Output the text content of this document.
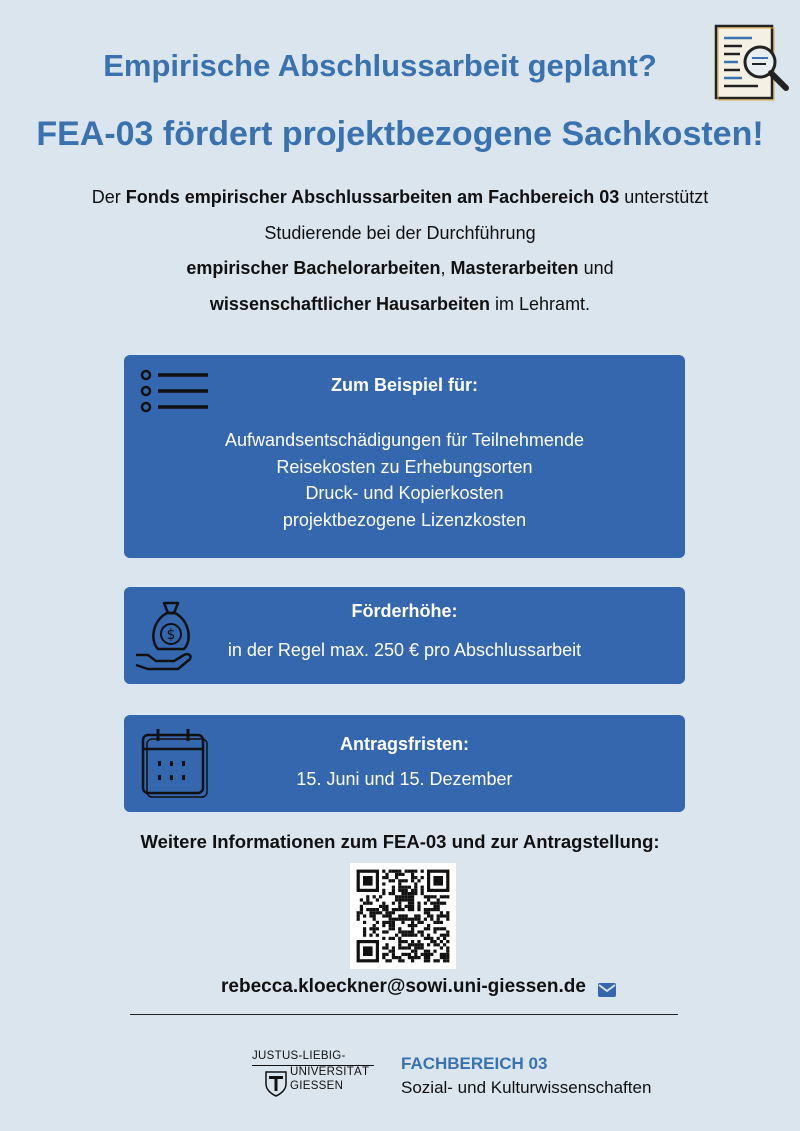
Empirische Abschlussarbeit geplant?
FEA-03 fördert projektbezogene Sachkosten!
Der Fonds empirischer Abschlussarbeiten am Fachbereich 03 unterstützt
Studierende bei der Durchführung
empirischer Bachelorarbeiten, Masterarbeiten und
wissenschaftlicher Hausarbeiten im Lehramt.
Zum Beispiel für:
Aufwandsentschädigungen für Teilnehmende
Reisekosten zu Erhebungsorten
Druck- und Kopierkosten
projektbezogene Lizenzkosten
$
Förderhöhe:
in der Regel max. 250 € pro Abschlussarbeit
Antragsfristen:
15. Juni und 15. Dezember

Weitere Informationen zum FEA-03 und zur Antragstellung:

rebecca.kloeckner@sowi.uni-giessen.de
JUSTUS-LIEBIG-
UNIVERSITÄT
GIESSEN
FACHBEREICH 03
Sozial- und Kulturwissenschaften
